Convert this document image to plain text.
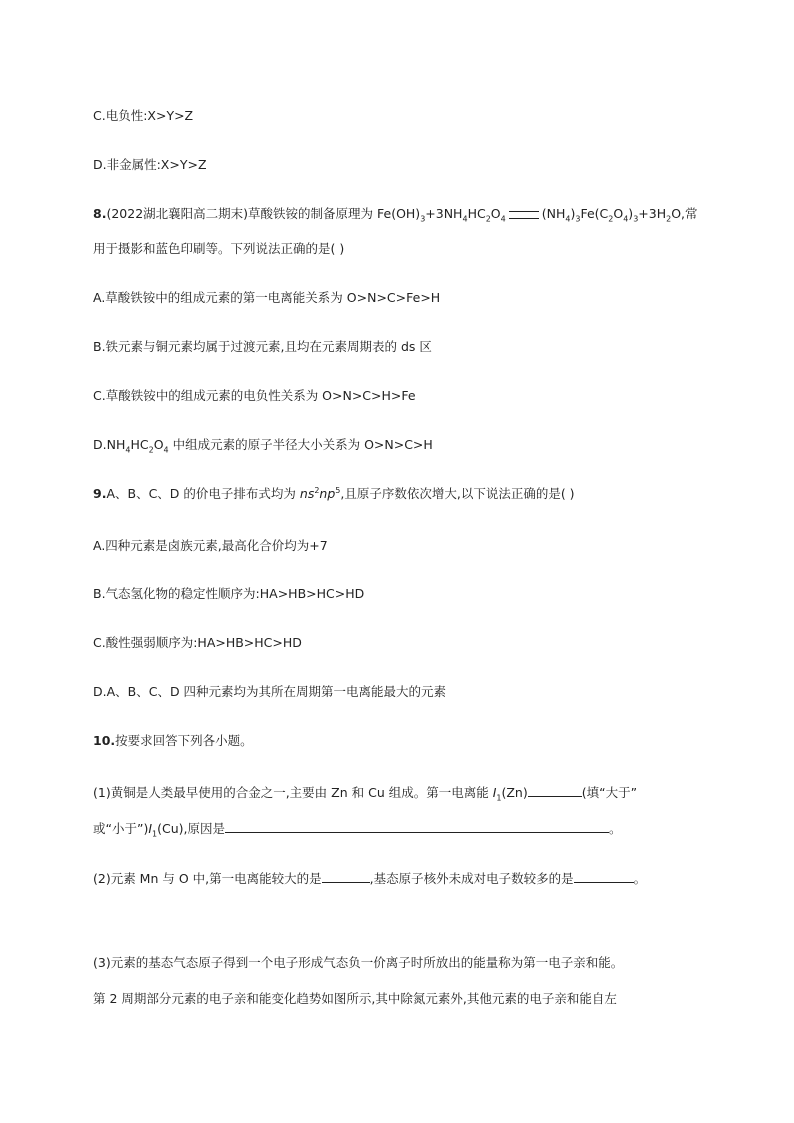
C.电负性:X>Y>Z
D.非金属性:X>Y>Z
8.(2022湖北襄阳高二期末)草酸铁铵的制备原理为 $Fe(OH)_3+3NH_4HC_2O_4$	$(NH_4)_3Fe(C_2O_4)_3+3H_2O$,常
用于摄影和蓝色印刷等。下列说法正确的是( )
A.草酸铁铵中的组成元素的第一电离能关系为 O>N>C>Fe>H
B.铁元素与铜元素均属于过渡元素,且均在元素周期表的 ds 区
C.草酸铁铵中的组成元素的电负性关系为 O>N>C>H>Fe
$D.NH_4HC_2O_4$ 中组成元素的原子半径大小关系为 O>N>C>H
9.A、B、C、D 的价电子排布式均为 $ns^2np^5$,且原子序数依次增大,以下说法正确的是( )
A.四种元素是卤族元素,最高化合价均为+7
B.气态氢化物的稳定性顺序为:HA>HB>HC>HD
C.酸性强弱顺序为:HA>HB>HC>HD
D.A、B、C、D 四种元素均为其所在周期第一电离能最大的元素
10.按要求回答下列各小题。
(1)黄铜是人类最早使用的合金之一,主要由 Zn 和 Cu 组成。第一电离能 $I_1(Zn)$	(填“大于”
或“小于$”)I_1(Cu)$,原因是	。
(2)元素 Mn 与 O 中,第一电离能较大的是	,基态原子核外未成对电子数较多的是	。
(3)元素的基态气态原子得到一个电子形成气态负一价离子时所放出的能量称为第一电子亲和能。
第 2 周期部分元素的电子亲和能变化趋势如图所示,其中除氮元素外,其他元素的电子亲和能自左
